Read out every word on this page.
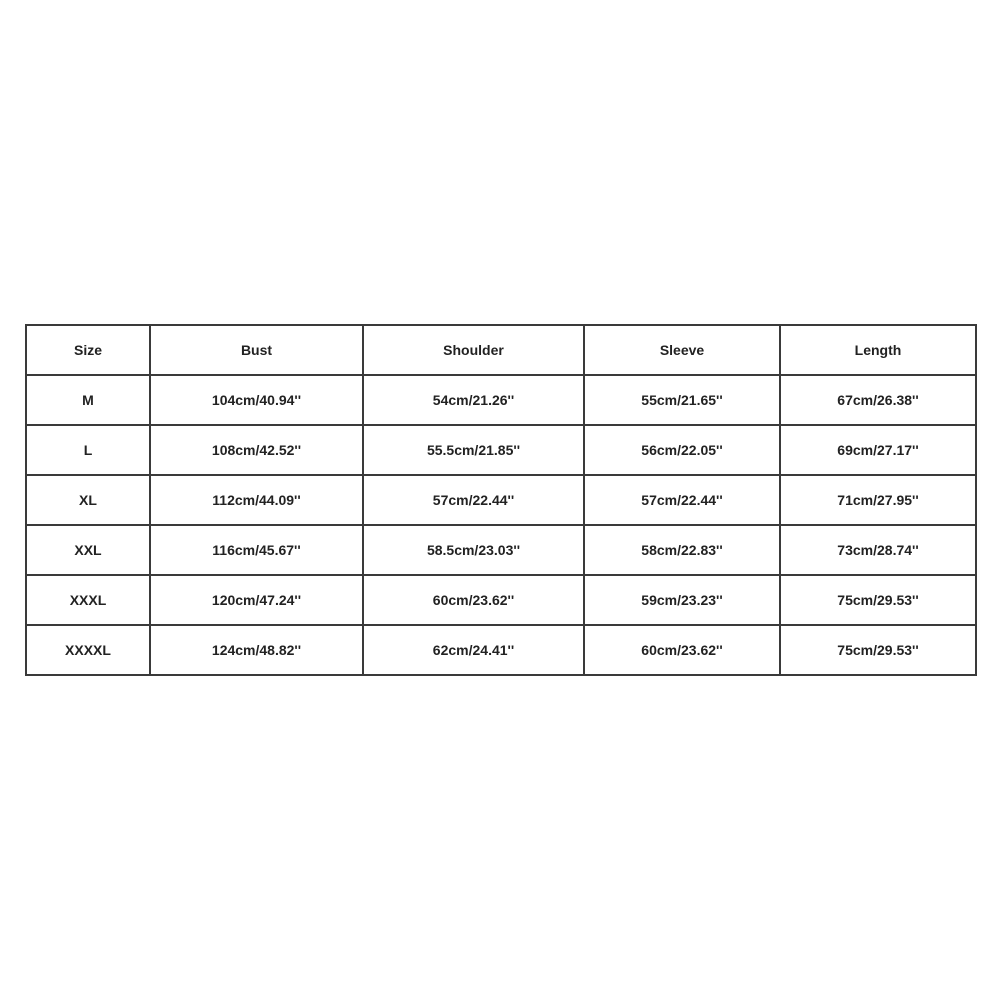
Size	Bust	Shoulder	Sleeve	Length
M	104cm/40.94''	54cm/21.26''	55cm/21.65''	67cm/26.38''
L	108cm/42.52''	55.5cm/21.85''	56cm/22.05''	69cm/27.17''
XL	112cm/44.09''	57cm/22.44''	57cm/22.44''	71cm/27.95''
XXL	116cm/45.67''	58.5cm/23.03''	58cm/22.83''	73cm/28.74''
XXXL	120cm/47.24''	60cm/23.62''	59cm/23.23''	75cm/29.53''
XXXXL	124cm/48.82''	62cm/24.41''	60cm/23.62''	75cm/29.53''
